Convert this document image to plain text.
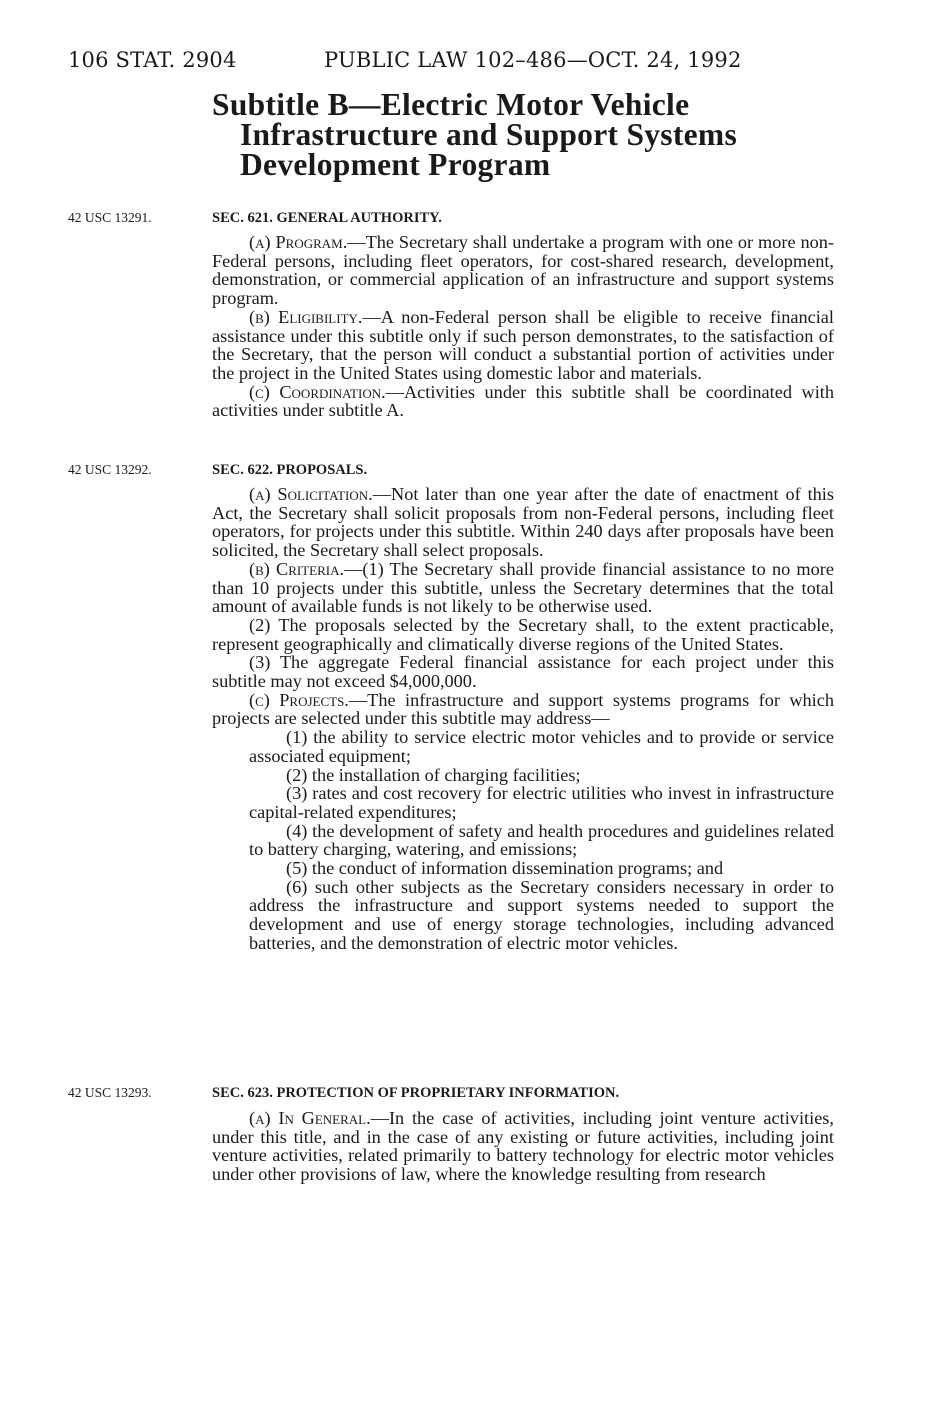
106 STAT. 2904	PUBLIC LAW 102–486—OCT. 24, 1992
Subtitle B—Electric Motor Vehicle Infrastructure and Support Systems Development Program
42 USC 13291.	SEC. 621. GENERAL AUTHORITY.

(a) Program.—The Secretary shall undertake a program with one or more non-Federal persons, including fleet operators, for cost-shared research, development, demonstration, or commercial application of an infrastructure and support systems program.

(b) Eligibility.—A non-Federal person shall be eligible to receive financial assistance under this subtitle only if such person demonstrates, to the satisfaction of the Secretary, that the person will conduct a substantial portion of activities under the project in the United States using domestic labor and materials.

(c) Coordination.—Activities under this subtitle shall be coordinated with activities under subtitle A.

42 USC 13292.	SEC. 622. PROPOSALS.

(a) Solicitation.—Not later than one year after the date of enactment of this Act, the Secretary shall solicit proposals from non-Federal persons, including fleet operators, for projects under this subtitle. Within 240 days after proposals have been solicited, the Secretary shall select proposals.

(b) Criteria.—(1) The Secretary shall provide financial assistance to no more than 10 projects under this subtitle, unless the Secretary determines that the total amount of available funds is not likely to be otherwise used.

(2) The proposals selected by the Secretary shall, to the extent practicable, represent geographically and climatically diverse regions of the United States.

(3) The aggregate Federal financial assistance for each project under this subtitle may not exceed $4,000,000.

(c) Projects.—The infrastructure and support systems programs for which projects are selected under this subtitle may address—

(1) the ability to service electric motor vehicles and to provide or service associated equipment;

(2) the installation of charging facilities;

(3) rates and cost recovery for electric utilities who invest in infrastructure capital-related expenditures;

(4) the development of safety and health procedures and guidelines related to battery charging, watering, and emissions;

(5) the conduct of information dissemination programs; and

(6) such other subjects as the Secretary considers necessary in order to address the infrastructure and support systems needed to support the development and use of energy storage technologies, including advanced batteries, and the demonstration of electric motor vehicles.

42 USC 13293.	SEC. 623. PROTECTION OF PROPRIETARY INFORMATION.

(a) In General.—In the case of activities, including joint venture activities, under this title, and in the case of any existing or future activities, including joint venture activities, related primarily to battery technology for electric motor vehicles under other provisions of law, where the knowledge resulting from research
